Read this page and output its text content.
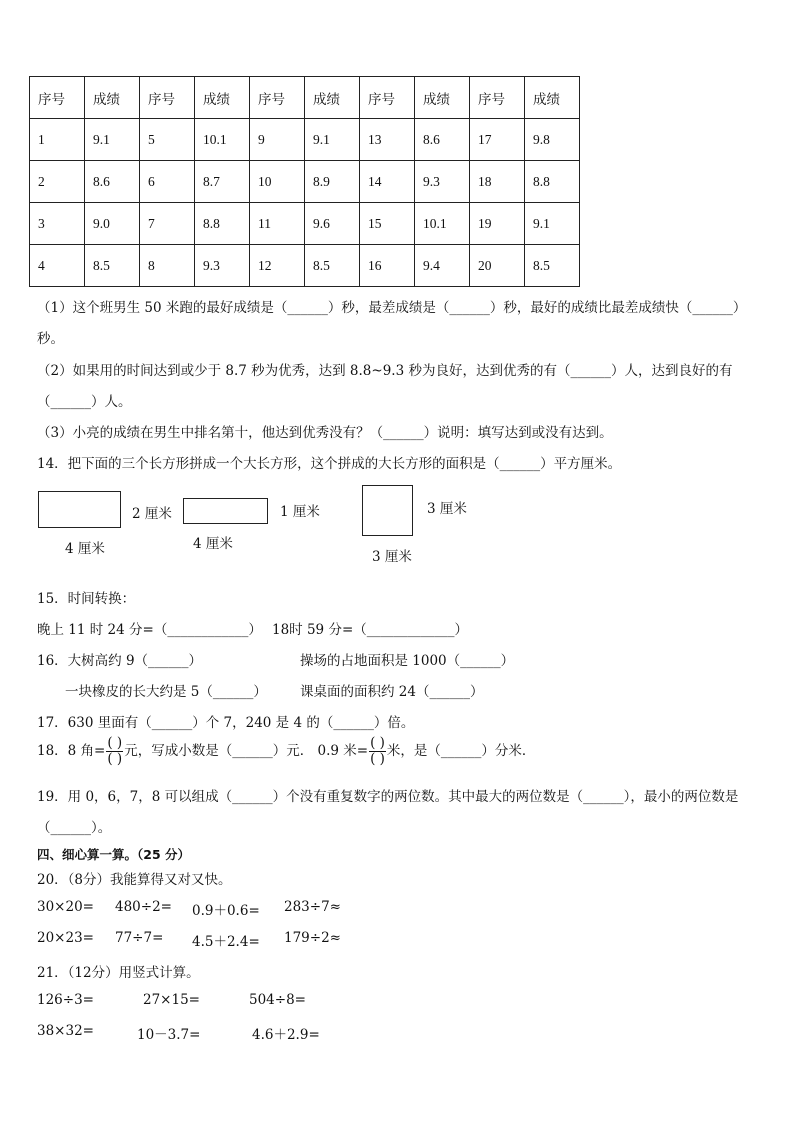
序号	成绩	序号	成绩	序号	成绩	序号	成绩	序号	成绩
1	9.1	5	10.1	9	9.1	13	8.6	17	9.8
2	8.6	6	8.7	10	8.9	14	9.3	18	8.8
3	9.0	7	8.8	11	9.6	15	10.1	19	9.1
4	8.5	8	9.3	12	8.5	16	9.4	20	8.5
（1）这个班男生 50 米跑的最好成绩是（______）秒，最差成绩是（______）秒，最好的成绩比最差成绩快（______）
秒。
（2）如果用的时间达到或少于 8.7 秒为优秀，达到 8.8~9.3 秒为良好，达到优秀的有（______）人，达到良好的有
（______）人。
（3）小亮的成绩在男生中排名第十，他达到优秀没有？（______）说明：填写达到或没有达到。
14．把下面的三个长方形拼成一个大长方形，这个拼成的大长方形的面积是（______）平方厘米。
2 厘米
4 厘米
1 厘米
4 厘米
3 厘米
3 厘米
15．时间转换：
晚上 11 时 24 分=（____________） 18时 59 分=（_____________）
16．大树高约 9（______）	操场的占地面积是 1000（______）
一块橡皮的长大约是 5（______） 课桌面的面积约 24（______）
17．630 里面有（______）个 7，240 是 4 的（______）倍。
18．8 角= $\frac{( )}{( )}$ 元，写成小数是（______）元． 0.9 米= $\frac{( )}{( )}$ 米，是（______）分米．
19．用 0，6，7，8 可以组成（______）个没有重复数字的两位数。其中最大的两位数是（______），最小的两位数是
（______）。
四、细心算一算。（25 分）
20．（8分）我能算得又对又快。
30×20= 480÷2= 0.9＋0.6= 283÷7≈
20×23= 77÷7= 4.5＋2.4= 179÷2≈
21．（12分）用竖式计算。
126÷3=	27×15=	504÷8=
38×32=	10－3.7=	4.6＋2.9=
